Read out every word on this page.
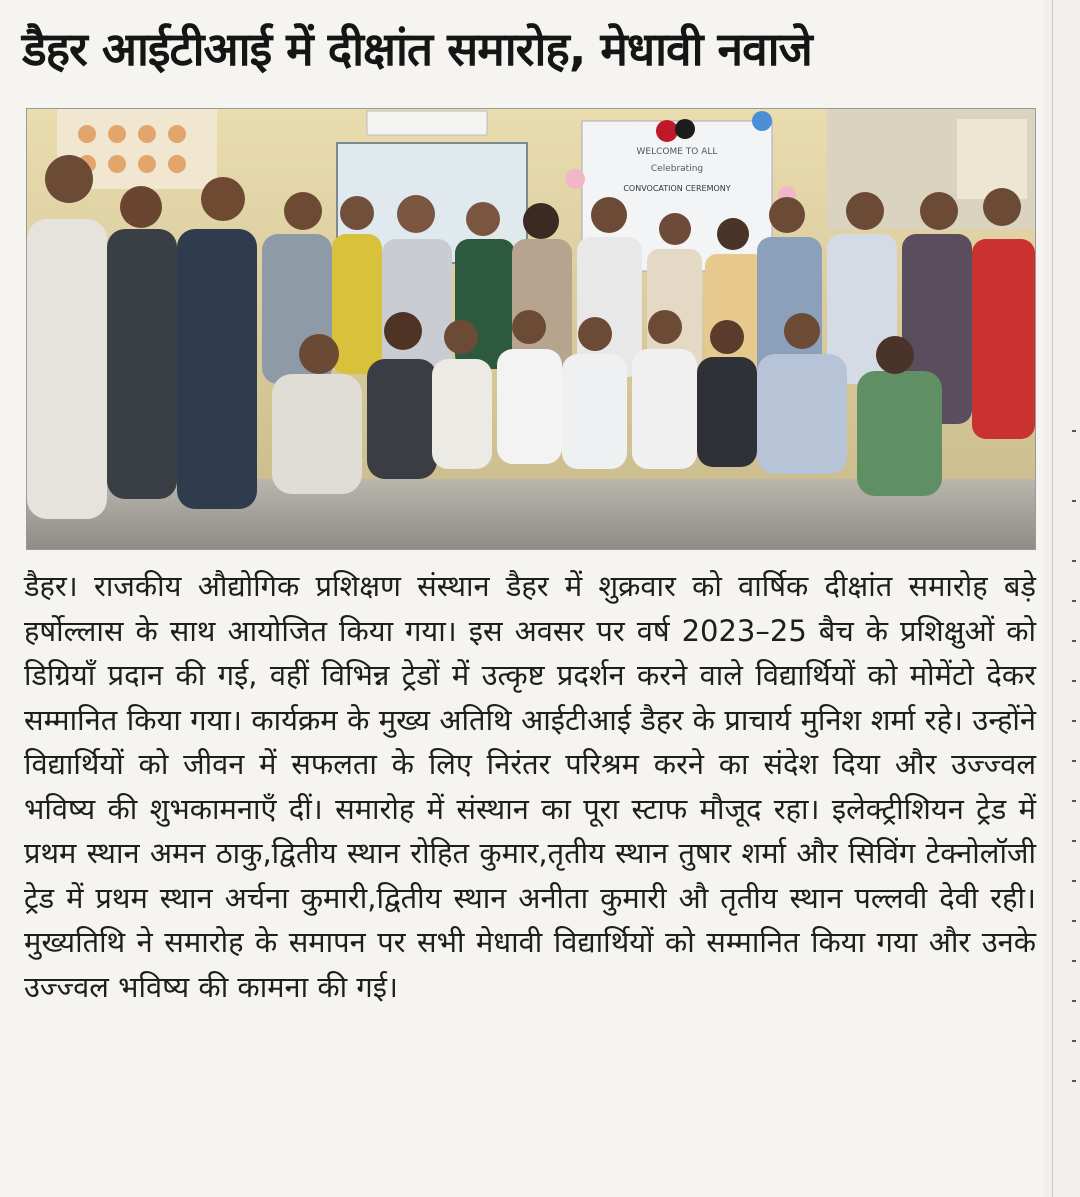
डैहर आईटीआई में दीक्षांत समारोह, मेधावी नवाजे
WELCOME TO ALL
Celebrating
CONVOCATION CEREMONY

डैहर। राजकीय औद्योगिक प्रशिक्षण संस्थान डैहर में शुक्रवार को वार्षिक दीक्षांत समारोह बड़े हर्षोल्लास के साथ आयोजित किया गया। इस अवसर पर वर्ष 2023–25 बैच के प्रशिक्षुओं को डिग्रियाँ प्रदान की गई, वहीं विभिन्न ट्रेडों में उत्कृष्ट प्रदर्शन करने वाले विद्यार्थियों को मोमेंटो देकर सम्मानित किया गया। कार्यक्रम के मुख्य अतिथि आईटीआई डैहर के प्राचार्य मुनिश शर्मा रहे। उन्होंने विद्यार्थियों को जीवन में सफलता के लिए निरंतर परिश्रम करने का संदेश दिया और उज्ज्वल भविष्य की शुभकामनाएँ दीं। समारोह में संस्थान का पूरा स्टाफ मौजूद रहा। इलेक्ट्रीशियन ट्रेड में प्रथम स्थान अमन ठाकु,द्वितीय स्थान रोहित कुमार,तृतीय स्थान तुषार शर्मा और सिविंग टेक्नोलॉजी ट्रेड में प्रथम स्थान अर्चना कुमारी,द्वितीय स्थान अनीता कुमारी औ तृतीय स्थान पल्लवी देवी रही। मुख्यतिथि ने समारोह के समापन पर सभी मेधावी विद्यार्थियों को सम्मानित किया गया और उनके उज्ज्वल भविष्य की कामना की गई।
